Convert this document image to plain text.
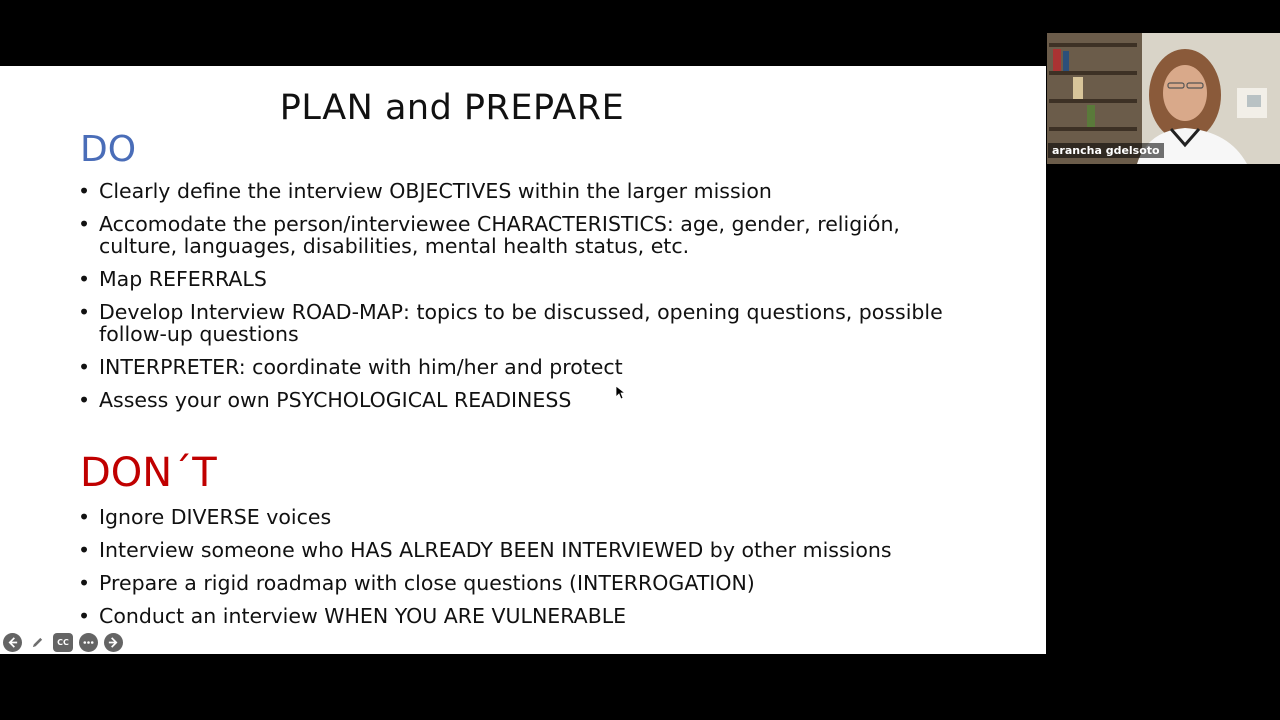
PLAN and PREPARE
DO
• Clearly define the interview OBJECTIVES within the larger mission
• Accomodate the person/interviewee CHARACTERISTICS: age, gender, religión, culture, languages, disabilities, mental health status, etc.
• Map REFERRALS
• Develop Interview ROAD-MAP: topics to be discussed, opening questions, possible follow-up questions
• INTERPRETER: coordinate with him/her and protect
• Assess your own PSYCHOLOGICAL READINESS
DON´T
• Ignore DIVERSE voices
• Interview someone who HAS ALREADY BEEN INTERVIEWED by other missions
• Prepare a rigid roadmap with close questions (INTERROGATION)
• Conduct an interview WHEN YOU ARE VULNERABLE
CC
arancha gdelsoto
